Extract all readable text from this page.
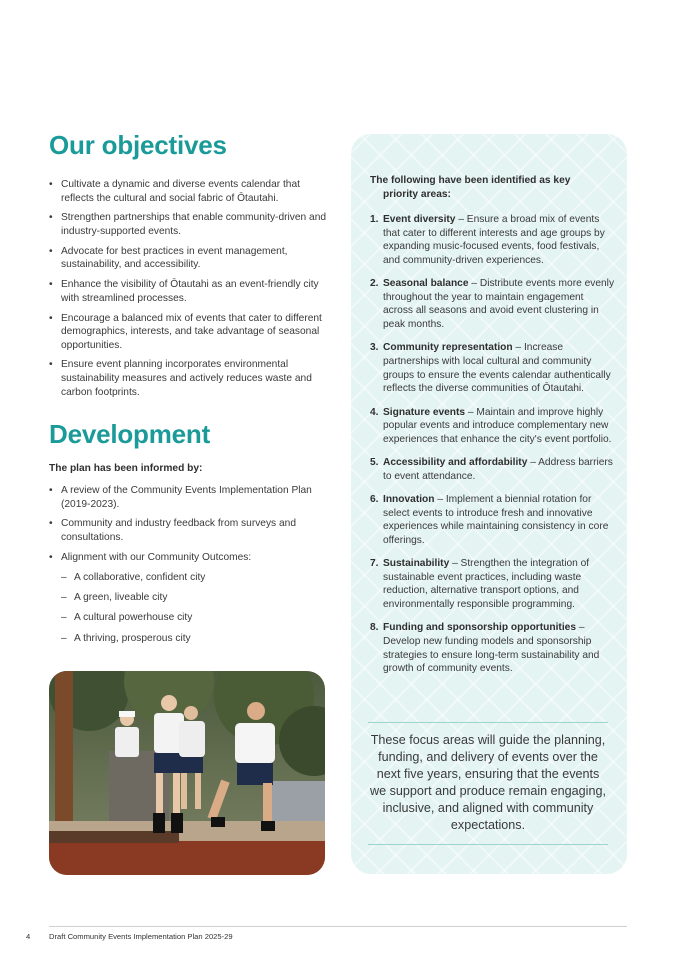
Our objectives
• Cultivate a dynamic and diverse events calendar that reflects the cultural and social fabric of Ōtautahi.
• Strengthen partnerships that enable community-driven and industry-supported events.
• Advocate for best practices in event management, sustainability, and accessibility.
• Enhance the visibility of Ōtautahi as an event-friendly city with streamlined processes.
• Encourage a balanced mix of events that cater to different demographics, interests, and take advantage of seasonal opportunities.
• Ensure event planning incorporates environmental sustainability measures and actively reduces waste and carbon footprints.
Development

The plan has been informed by:

• A review of the Community Events Implementation Plan (2019-2023).
• Community and industry feedback from surveys and consultations.
• Alignment with our Community Outcomes:
– A collaborative, confident city
– A green, liveable city
– A cultural powerhouse city
– A thriving, prosperous city

The following have been identified as key priority areas:

1. Event diversity – Ensure a broad mix of events that cater to different interests and age groups by expanding music-focused events, food festivals, and community-driven experiences.
2. Seasonal balance – Distribute events more evenly throughout the year to maintain engagement across all seasons and avoid event clustering in peak months.
3. Community representation – Increase partnerships with local cultural and community groups to ensure the events calendar authentically reflects the diverse communities of Ōtautahi.
4. Signature events – Maintain and improve highly popular events and introduce complementary new experiences that enhance the city's event portfolio.
5. Accessibility and affordability – Address barriers to event attendance.
6. Innovation – Implement a biennial rotation for select events to introduce fresh and innovative experiences while maintaining consistency in core offerings.
7. Sustainability – Strengthen the integration of sustainable event practices, including waste reduction, alternative transport options, and environmentally responsible programming.
8. Funding and sponsorship opportunities – Develop new funding models and sponsorship strategies to ensure long-term sustainability and growth of community events.

These focus areas will guide the planning, funding, and delivery of events over the next five years, ensuring that the events we support and produce remain engaging, inclusive, and aligned with community expectations.

4 Draft Community Events Implementation Plan 2025-29
